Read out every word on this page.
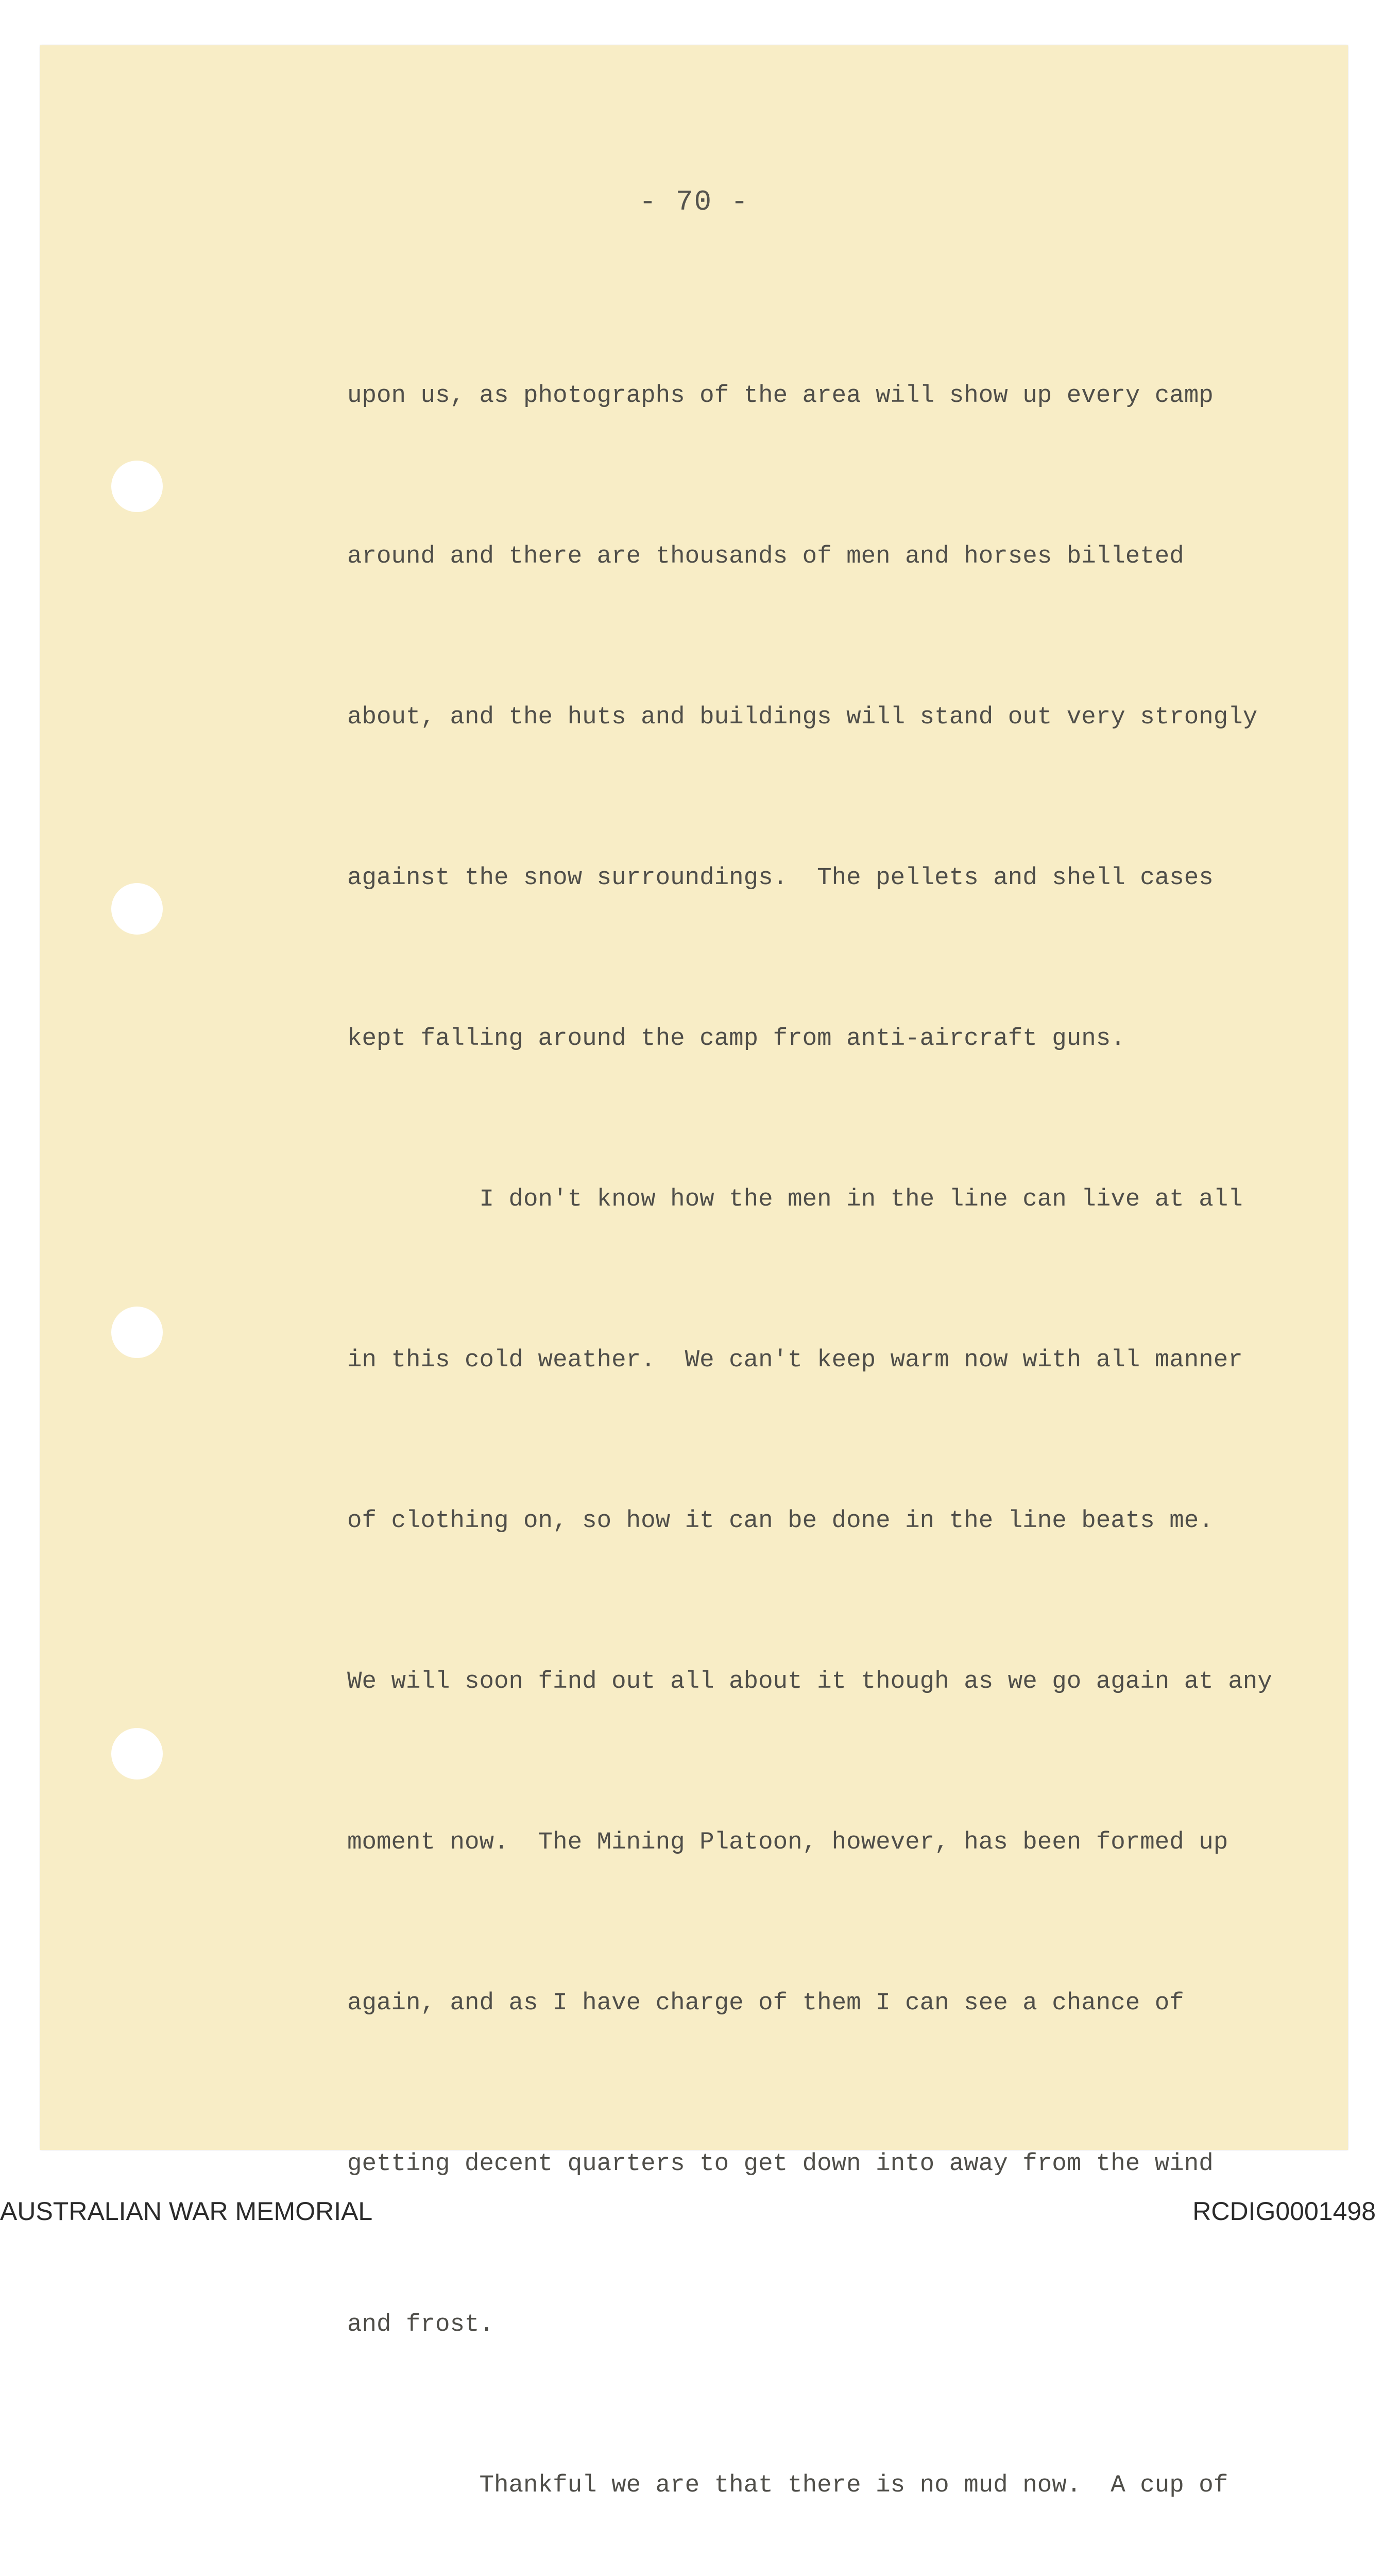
- 70 -

upon us, as photographs of the area will show up every camp

around and there are thousands of men and horses billeted

about, and the huts and buildings will stand out very strongly

against the snow surroundings.  The pellets and shell cases

kept falling around the camp from anti-aircraft guns.

I don't know how the men in the line can live at all

in this cold weather.  We can't keep warm now with all manner

of clothing on, so how it can be done in the line beats me.

We will soon find out all about it though as we go again at any

moment now.  The Mining Platoon, however, has been formed up

again, and as I have charge of them I can see a chance of

getting decent quarters to get down into away from the wind

and frost.

Thankful we are that there is no mud now.  A cup of

AUSTRALIAN WAR MEMORIAL	RCDIG0001498
